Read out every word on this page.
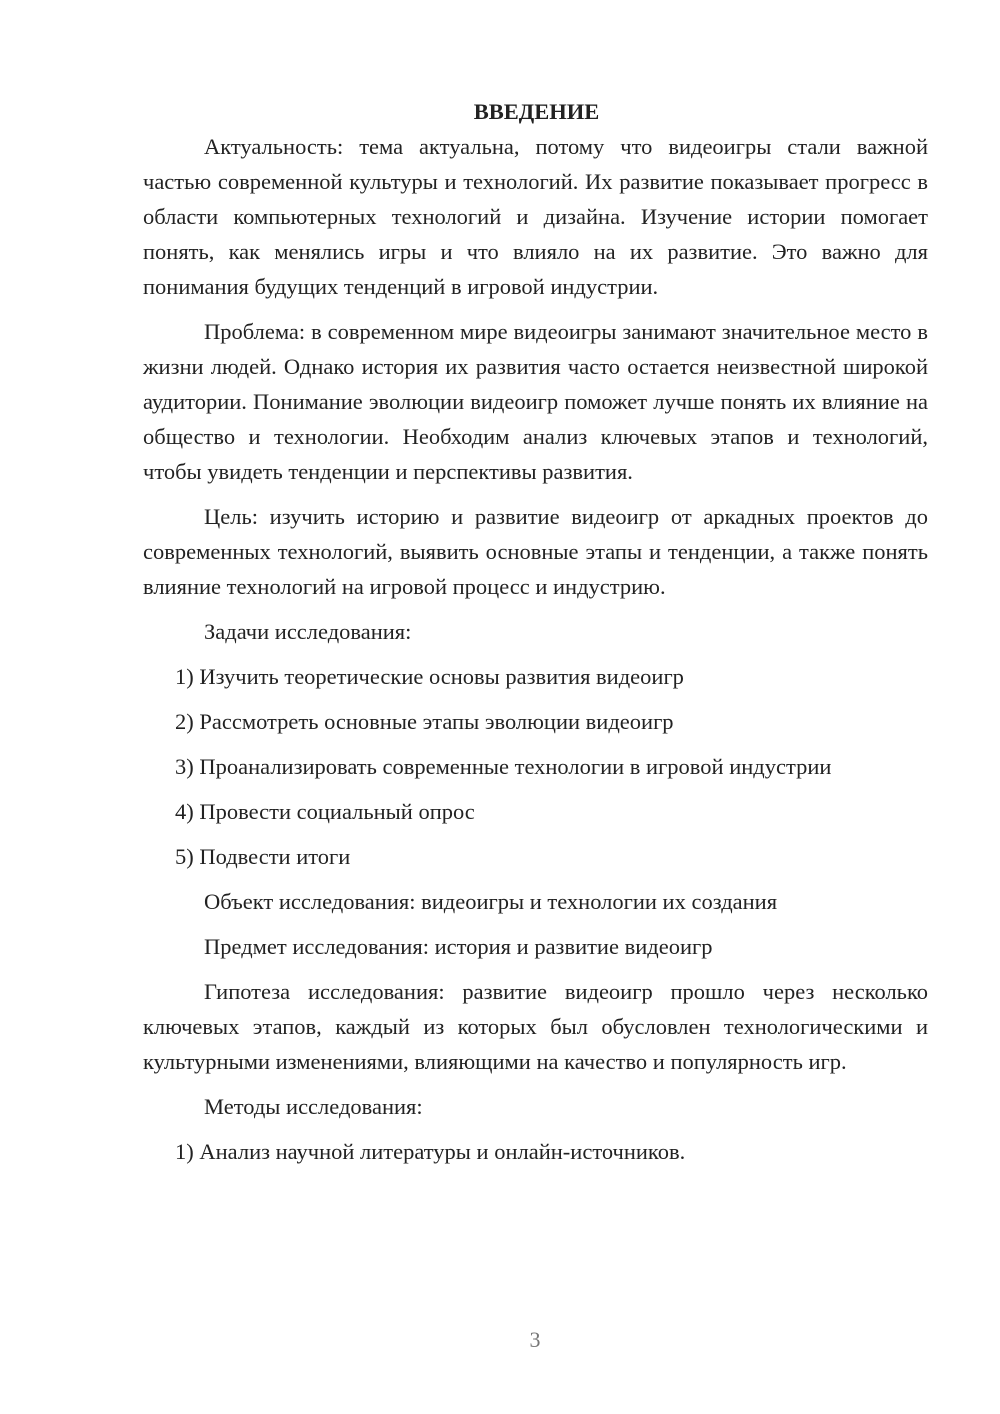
ВВЕДЕНИЕ

Актуальность: тема актуальна, потому что видеоигры стали важной частью современной культуры и технологий. Их развитие показывает прогресс в области компьютерных технологий и дизайна. Изучение истории помогает понять, как менялись игры и что влияло на их развитие. Это важно для понимания будущих тенденций в игровой индустрии.

Проблема: в современном мире видеоигры занимают значительное место в жизни людей. Однако история их развития часто остается неизвестной широкой аудитории. Понимание эволюции видеоигр поможет лучше понять их влияние на общество и технологии. Необходим анализ ключевых этапов и технологий, чтобы увидеть тенденции и перспективы развития.

Цель: изучить историю и развитие видеоигр от аркадных проектов до современных технологий, выявить основные этапы и тенденции, а также понять влияние технологий на игровой процесс и индустрию.

Задачи исследования:

1) Изучить теоретические основы развития видеоигр

2) Рассмотреть основные этапы эволюции видеоигр

3) Проанализировать современные технологии в игровой индустрии

4) Провести социальный опрос

5) Подвести итоги

Объект исследования: видеоигры и технологии их создания

Предмет исследования: история и развитие видеоигр

Гипотеза исследования: развитие видеоигр прошло через несколько ключевых этапов, каждый из которых был обусловлен технологическими и культурными изменениями, влияющими на качество и популярность игр.

Методы исследования:

1) Анализ научной литературы и онлайн-источников.

3
